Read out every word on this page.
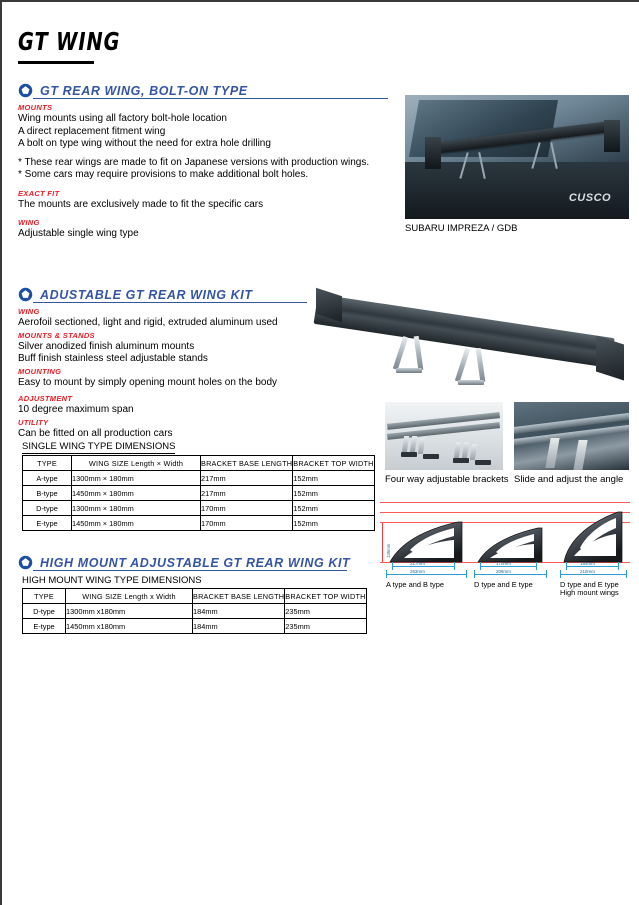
GT WING
GT REAR WING, BOLT-ON TYPE

MOUNTS

Wing mounts using all factory bolt-hole location

A direct replacement fitment wing

A bolt on type wing without the need for extra hole drilling

* These rear wings are made to fit on Japanese versions with production wings.

* Some cars may require provisions to make additional bolt holes.

EXACT FIT

The mounts are exclusively made to fit the specific cars

WING

Adjustable single wing type

CUSCO
SUBARU IMPREZA / GDB
ADUSTABLE GT REAR WING KIT

WING

Aerofoil sectioned, light and rigid, extruded aluminum used

MOUNTS & STANDS

Silver anodized finish aluminum mounts

Buff finish stainless steel adjustable stands

MOUNTING

Easy to mount by simply opening mount holes on the body

ADJUSTMENT

10 degree maximum span

UTILITY

Can be fitted on all production cars

Four way adjustable brackets Slide and adjust the angle
SINGLE WING TYPE DIMENSIONS
TYPE	WING SIZE Length × Width	BRACKET BASE LENGTH	BRACKET TOP WIDTH
A-type	1300mm × 180mm	217mm	152mm
B-type	1450mm × 180mm	217mm	152mm
D-type	1300mm × 180mm	170mm	152mm
E-type	1450mm × 180mm	170mm	152mm
217mm
263mm
135mm
A type and B type
170mm
206mm
D type and E type
184mm
210mm
D type and E type
High mount wings
HIGH MOUNT ADJUSTABLE GT REAR WING KIT
HIGH MOUNT WING TYPE DIMENSIONS
TYPE	WING SIZE Length x Width	BRACKET BASE LENGTH	BRACKET TOP WIDTH
D-type	1300mm x180mm	184mm	235mm
E-type	1450mm x180mm	184mm	235mm
